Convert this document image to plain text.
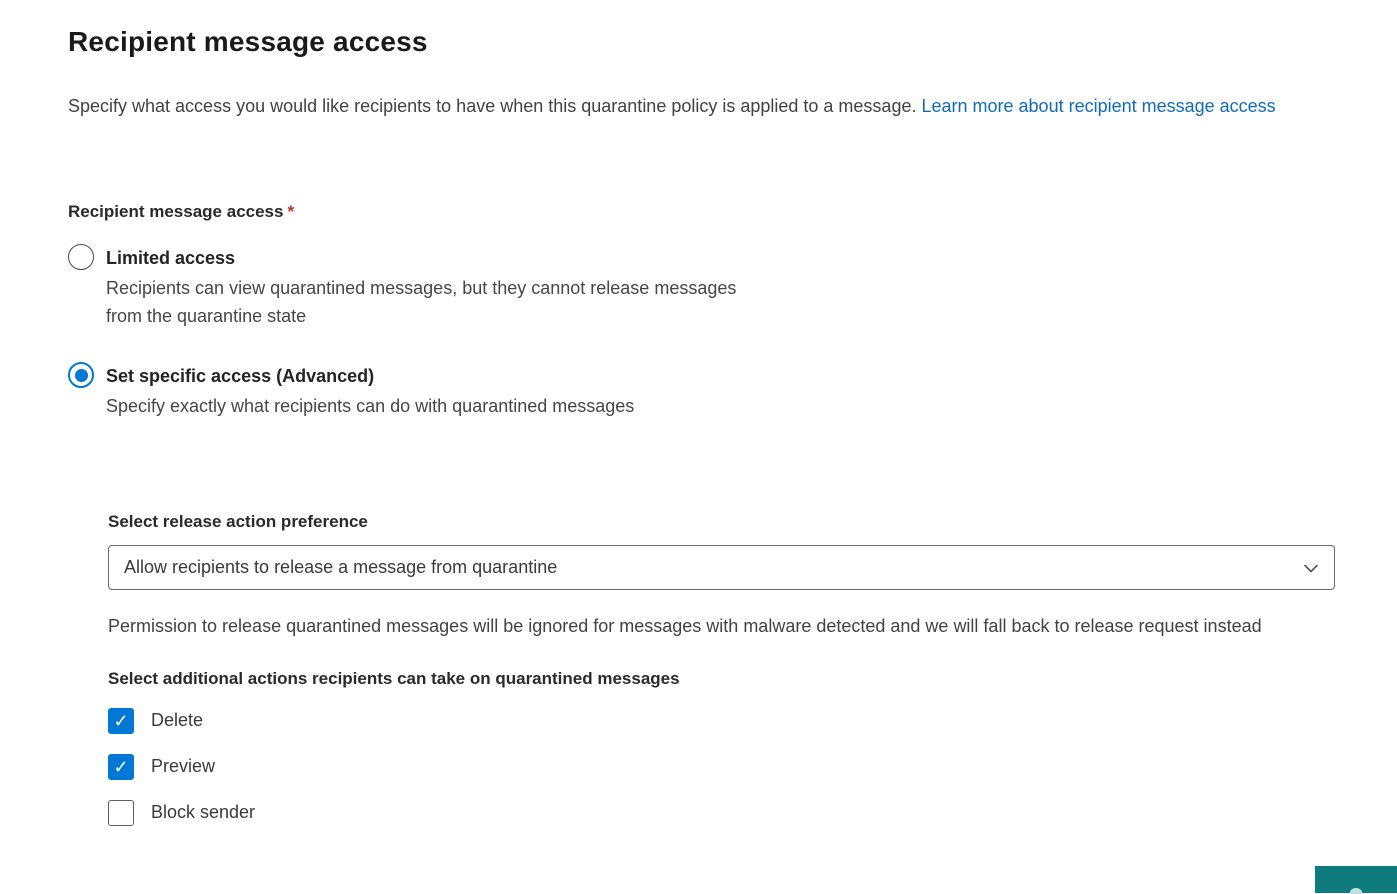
Recipient message access

Specify what access you would like recipients to have when this quarantine policy is applied to a message. Learn more about recipient message access

Recipient message access *
Limited access
Recipients can view quarantined messages, but they cannot release messages from the quarantine state
Set specific access (Advanced)
Specify exactly what recipients can do with quarantined messages
Select release action preference
Allow recipients to release a message from quarantine
Permission to release quarantined messages will be ignored for messages with malware detected and we will fall back to release request instead
Select additional actions recipients can take on quarantined messages
✓ Delete
✓ Preview
Block sender
